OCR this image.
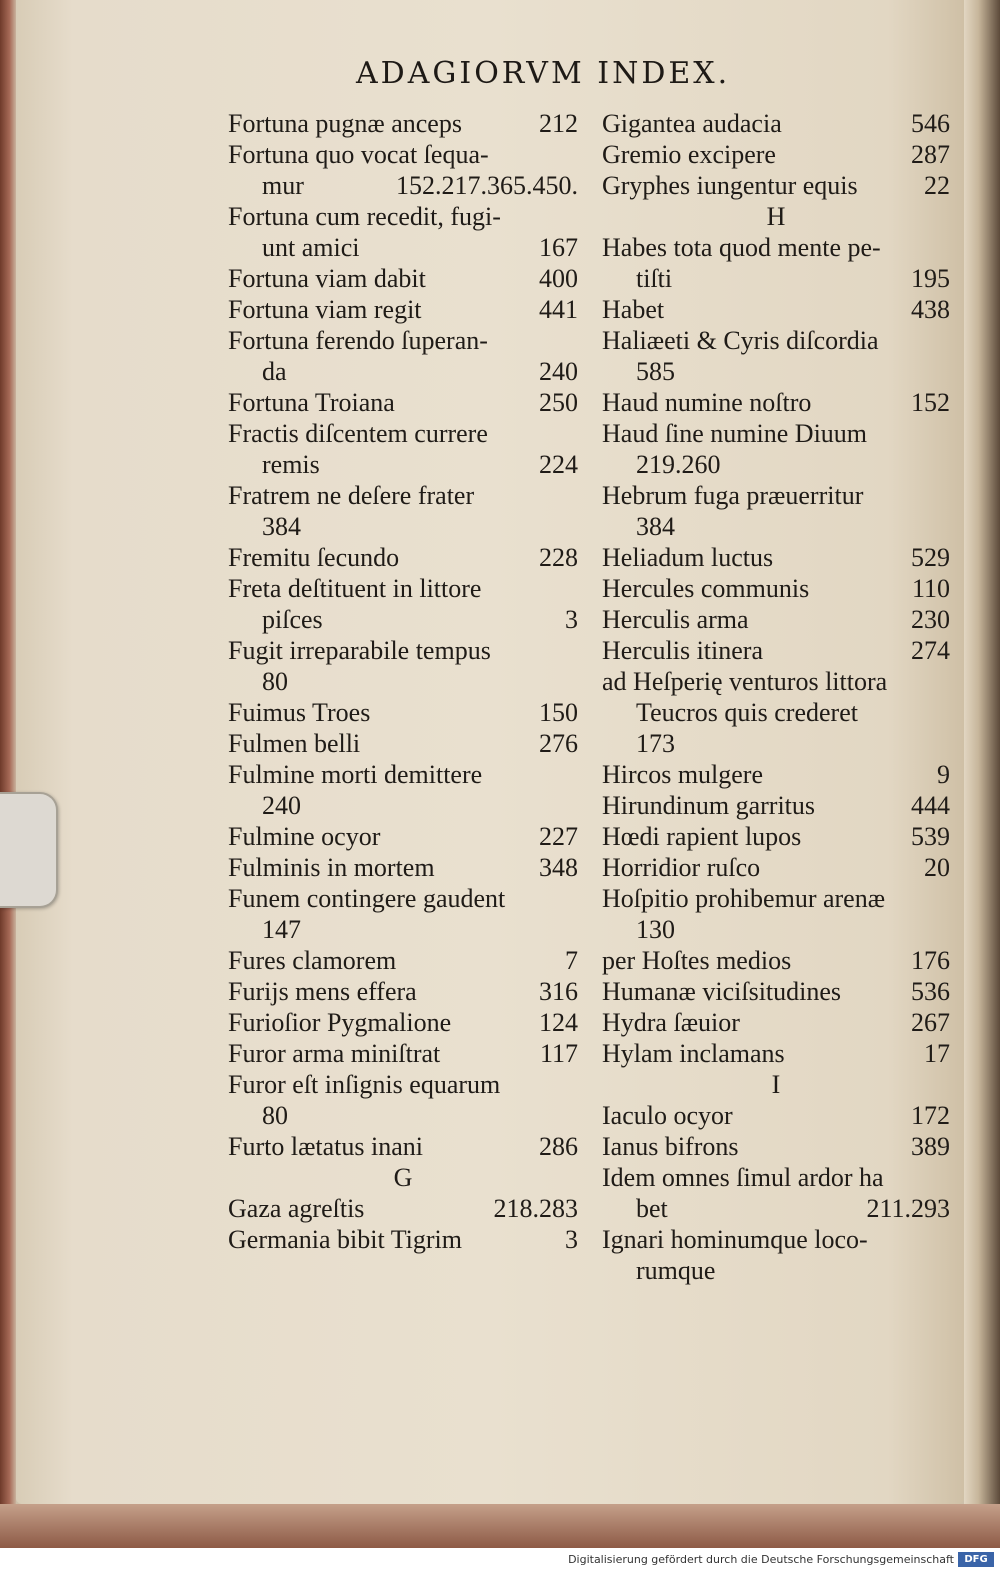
ADAGIORVM INDEX.
Fortuna pugnæ anceps	212
Fortuna quo vocat ſequa-
mur	152.217.365.450.
Fortuna cum recedit, fugi-
unt amici	167
Fortuna viam dabit	400
Fortuna viam regit	441
Fortuna ferendo ſuperan-
da	240
Fortuna Troiana	250
Fractis diſcentem currere
remis	224
Fratrem ne deſere frater
384
Fremitu ſecundo	228
Freta deſtituent in littore
piſces	3
Fugit irreparabile tempus
80
Fuimus Troes	150
Fulmen belli	276
Fulmine morti demittere
240
Fulmine ocyor	227
Fulminis in mortem	348
Funem contingere gaudent
147
Fures clamorem	7
Furijs mens effera	316
Furioſior Pygmalione	124
Furor arma miniſtrat	117
Furor eſt inſignis equarum
80
Furto lætatus inani	286
G
Gaza agreſtis	218.283
Germania bibit Tigrim	3
Gigantea audacia	546
Gremio excipere	287
Gryphes iungentur equis	22
H
Habes tota quod mente pe-
tiſti	195
Habet	438
Haliæeti & Cyris diſcordia
585
Haud numine noſtro	152
Haud ſine numine Diuum
219.260
Hebrum fuga præuerritur
384
Heliadum luctus	529
Hercules communis	110
Herculis arma	230
Herculis itinera	274
ad Heſperię venturos littora
Teucros quis crederet
173
Hircos mulgere	9
Hirundinum garritus	444
Hœdi rapient lupos	539
Horridior ruſco	20
Hoſpitio prohibemur arenæ
130
per Hoſtes medios	176
Humanæ viciſsitudines	536
Hydra ſæuior	267
Hylam inclamans	17
I
Iaculo ocyor	172
Ianus bifrons	389
Idem omnes ſimul ardor ha
bet	211.293
Ignari hominumque loco-
rumque
Digitalisierung gefördert durch die Deutsche Forschungsgemeinschaft	DFG
